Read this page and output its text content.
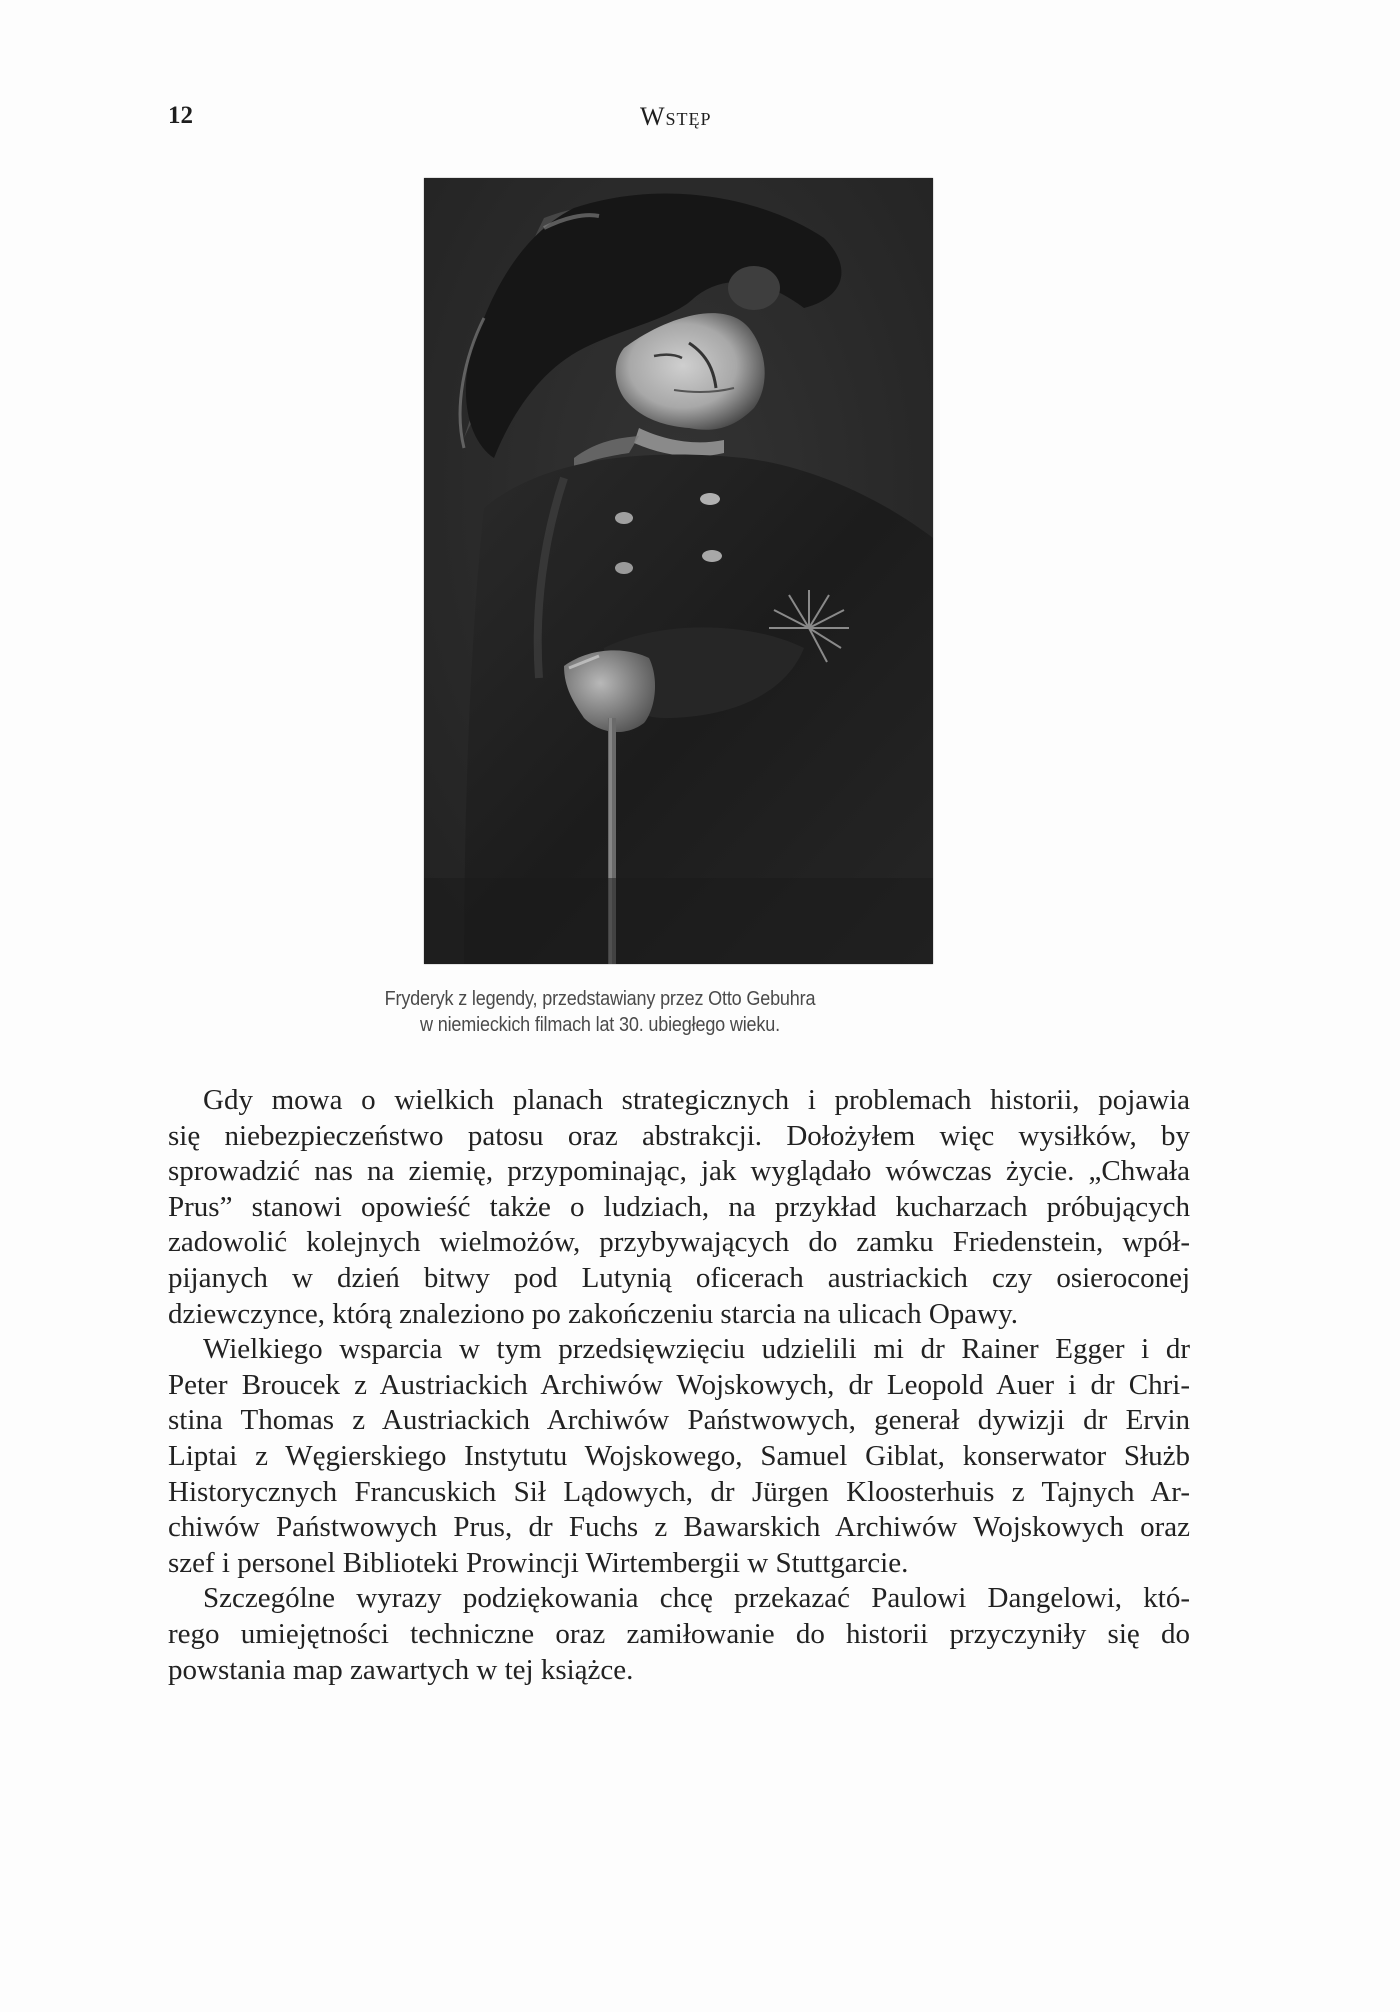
12	Wstęp
Fryderyk z legendy, przedstawiany przez Otto Gebuhra
w niemieckich filmach lat 30. ubiegłego wieku.
Gdy mowa o wielkich planach strategicznych i problemach historii, pojawia
się niebezpieczeństwo patosu oraz abstrakcji. Dołożyłem więc wysiłków, by
sprowadzić nas na ziemię, przypominając, jak wyglądało wówczas życie. „Chwała
Prus” stanowi opowieść także o ludziach, na przykład kucharzach próbujących
zadowolić kolejnych wielmożów, przybywających do zamku Friedenstein, wpół-
pijanych w dzień bitwy pod Lutynią oficerach austriackich czy osieroconej
dziewczynce, którą znaleziono po zakończeniu starcia na ulicach Opawy.
Wielkiego wsparcia w tym przedsięwzięciu udzielili mi dr Rainer Egger i dr
Peter Broucek z Austriackich Archiwów Wojskowych, dr Leopold Auer i dr Chri-
stina Thomas z Austriackich Archiwów Państwowych, generał dywizji dr Ervin
Liptai z Węgierskiego Instytutu Wojskowego, Samuel Giblat, konserwator Służb
Historycznych Francuskich Sił Lądowych, dr Jürgen Kloosterhuis z Tajnych Ar-
chiwów Państwowych Prus, dr Fuchs z Bawarskich Archiwów Wojskowych oraz
szef i personel Biblioteki Prowincji Wirtembergii w Stuttgarcie.
Szczególne wyrazy podziękowania chcę przekazać Paulowi Dangelowi, któ-
rego umiejętności techniczne oraz zamiłowanie do historii przyczyniły się do
powstania map zawartych w tej książce.
